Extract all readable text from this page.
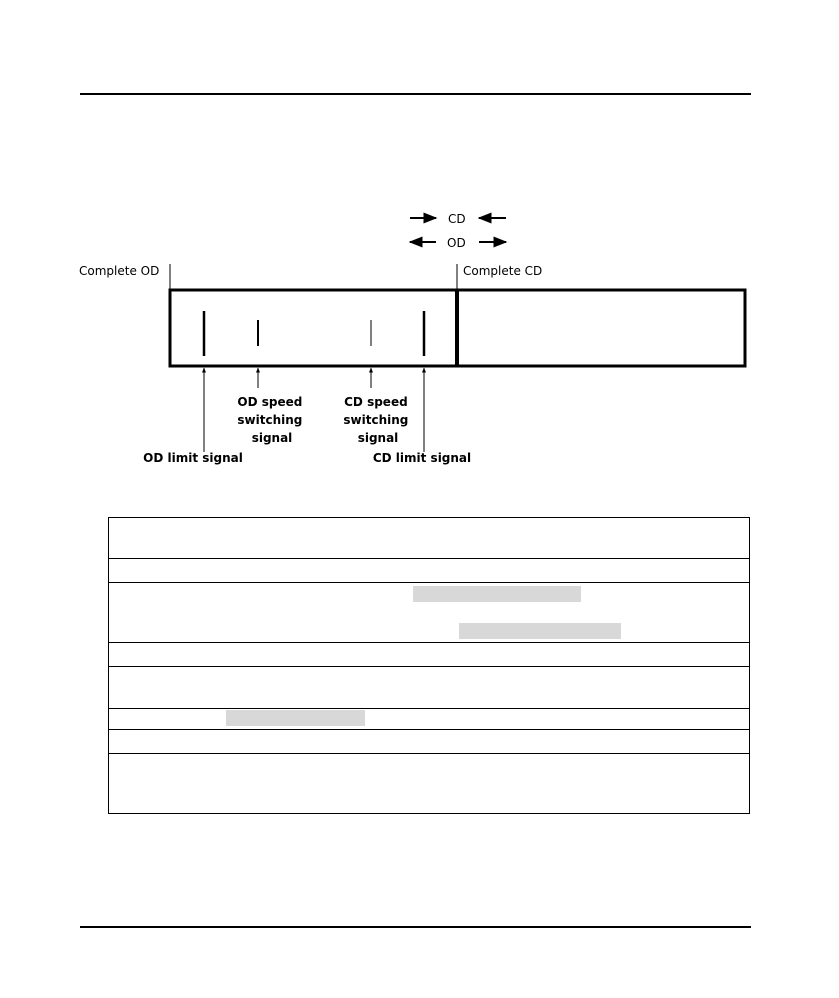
CD
OD
Complete OD	Complete CD
OD speed switching signal
CD speed switching signal
OD limit signal	CD limit signal
